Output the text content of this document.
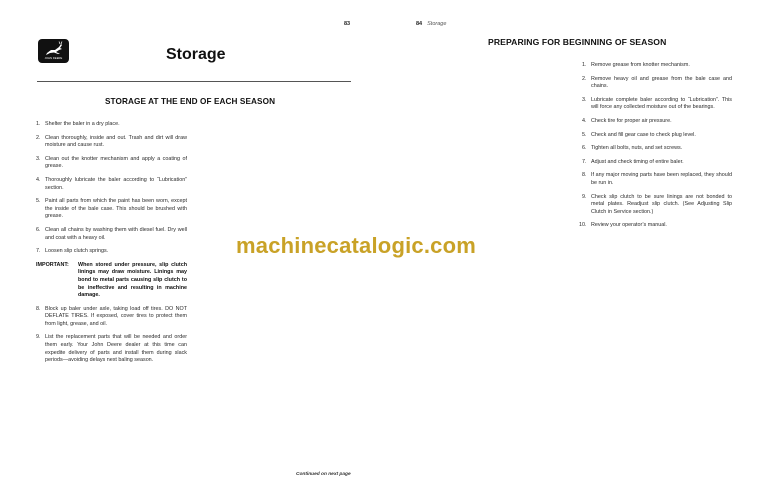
83
JOHN DEERE	Storage
STORAGE AT THE END OF EACH SEASON
1. Shelter the baler in a dry place.
2. Clean thoroughly, inside and out. Trash and dirt will draw moisture and cause rust.
3. Clean out the knotter mechanism and apply a coating of grease.
4. Thoroughly lubricate the baler according to “Lubrication” section.
5. Paint all parts from which the paint has been worn, except the inside of the bale case. This should be brushed with grease.
6. Clean all chains by washing them with diesel fuel. Dry well and coat with a heavy oil.
7. Loosen slip clutch springs.
IMPORTANT: When stored under pressure, slip clutch linings may draw moisture. Linings may bond to metal parts causing slip clutch to be ineffective and resulting in machine damage.
8. Block up baler under axle, taking load off tires. DO NOT DEFLATE TIRES. If exposed, cover tires to protect them from light, grease, and oil.
9. List the replacement parts that will be needed and order them early. Your John Deere dealer at this time can expedite delivery of parts and install them during slack periods—avoiding delays next baling season.
Continued on next page
84 Storage
PREPARING FOR BEGINNING OF SEASON
1. Remove grease from knotter mechanism.
2. Remove heavy oil and grease from the bale case and chains.
3. Lubricate complete baler according to “Lubrication”. This will force any collected moisture out of the bearings.
4. Check tire for proper air pressure.
5. Check and fill gear case to check plug level.
6. Tighten all bolts, nuts, and set screws.
7. Adjust and check timing of entire baler.
8. If any major moving parts have been replaced, they should be run in.
9. Check slip clutch to be sure linings are not bonded to metal plates. Readjust slip clutch. (See Adjusting Slip Clutch in Service section.)
10. Review your operator’s manual.
machinecatalogic.com
